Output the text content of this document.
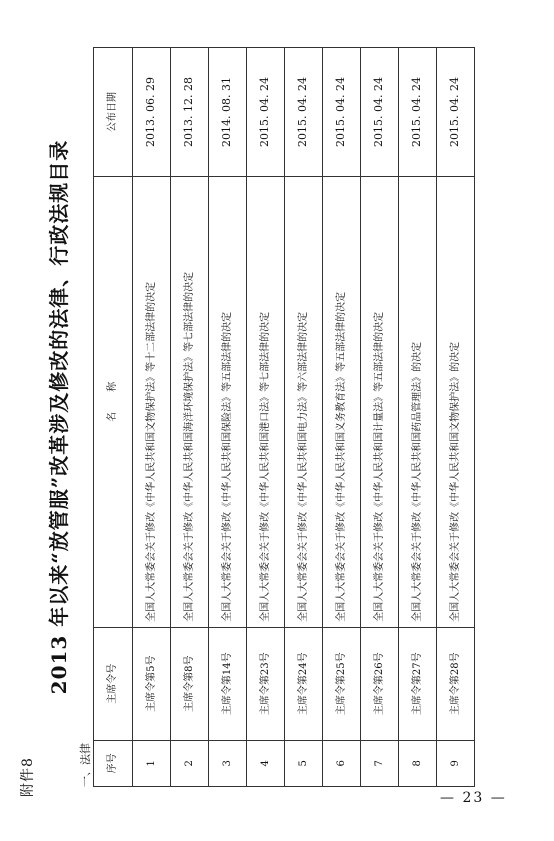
附件8
2013 年以来“放管服”改革涉及修改的法律、行政法规目录
一、法律 序号	主席令号	名　　称	公布日期
1	主席令第5号	全国人大常委会关于修改《中华人民共和国文物保护法》等十二部法律的决定	2013. 06. 29
2	主席令第8号	全国人大常委会关于修改《中华人民共和国海洋环境保护法》等七部法律的决定	2013. 12. 28
3	主席令第14号	全国人大常委会关于修改《中华人民共和国保险法》等五部法律的决定	2014. 08. 31
4	主席令第23号	全国人大常委会关于修改《中华人民共和国港口法》等七部法律的决定	2015. 04. 24
5	主席令第24号	全国人大常委会关于修改《中华人民共和国电力法》等六部法律的决定	2015. 04. 24
6	主席令第25号	全国人大常委会关于修改《中华人民共和国义务教育法》等五部法律的决定	2015. 04. 24
7	主席令第26号	全国人大常委会关于修改《中华人民共和国计量法》等五部法律的决定	2015. 04. 24
8	主席令第27号	全国人大常委会关于修改《中华人民共和国药品管理法》的决定	2015. 04. 24
9	主席令第28号	全国人大常委会关于修改《中华人民共和国文物保护法》的决定	2015. 04. 24
— 23 —
